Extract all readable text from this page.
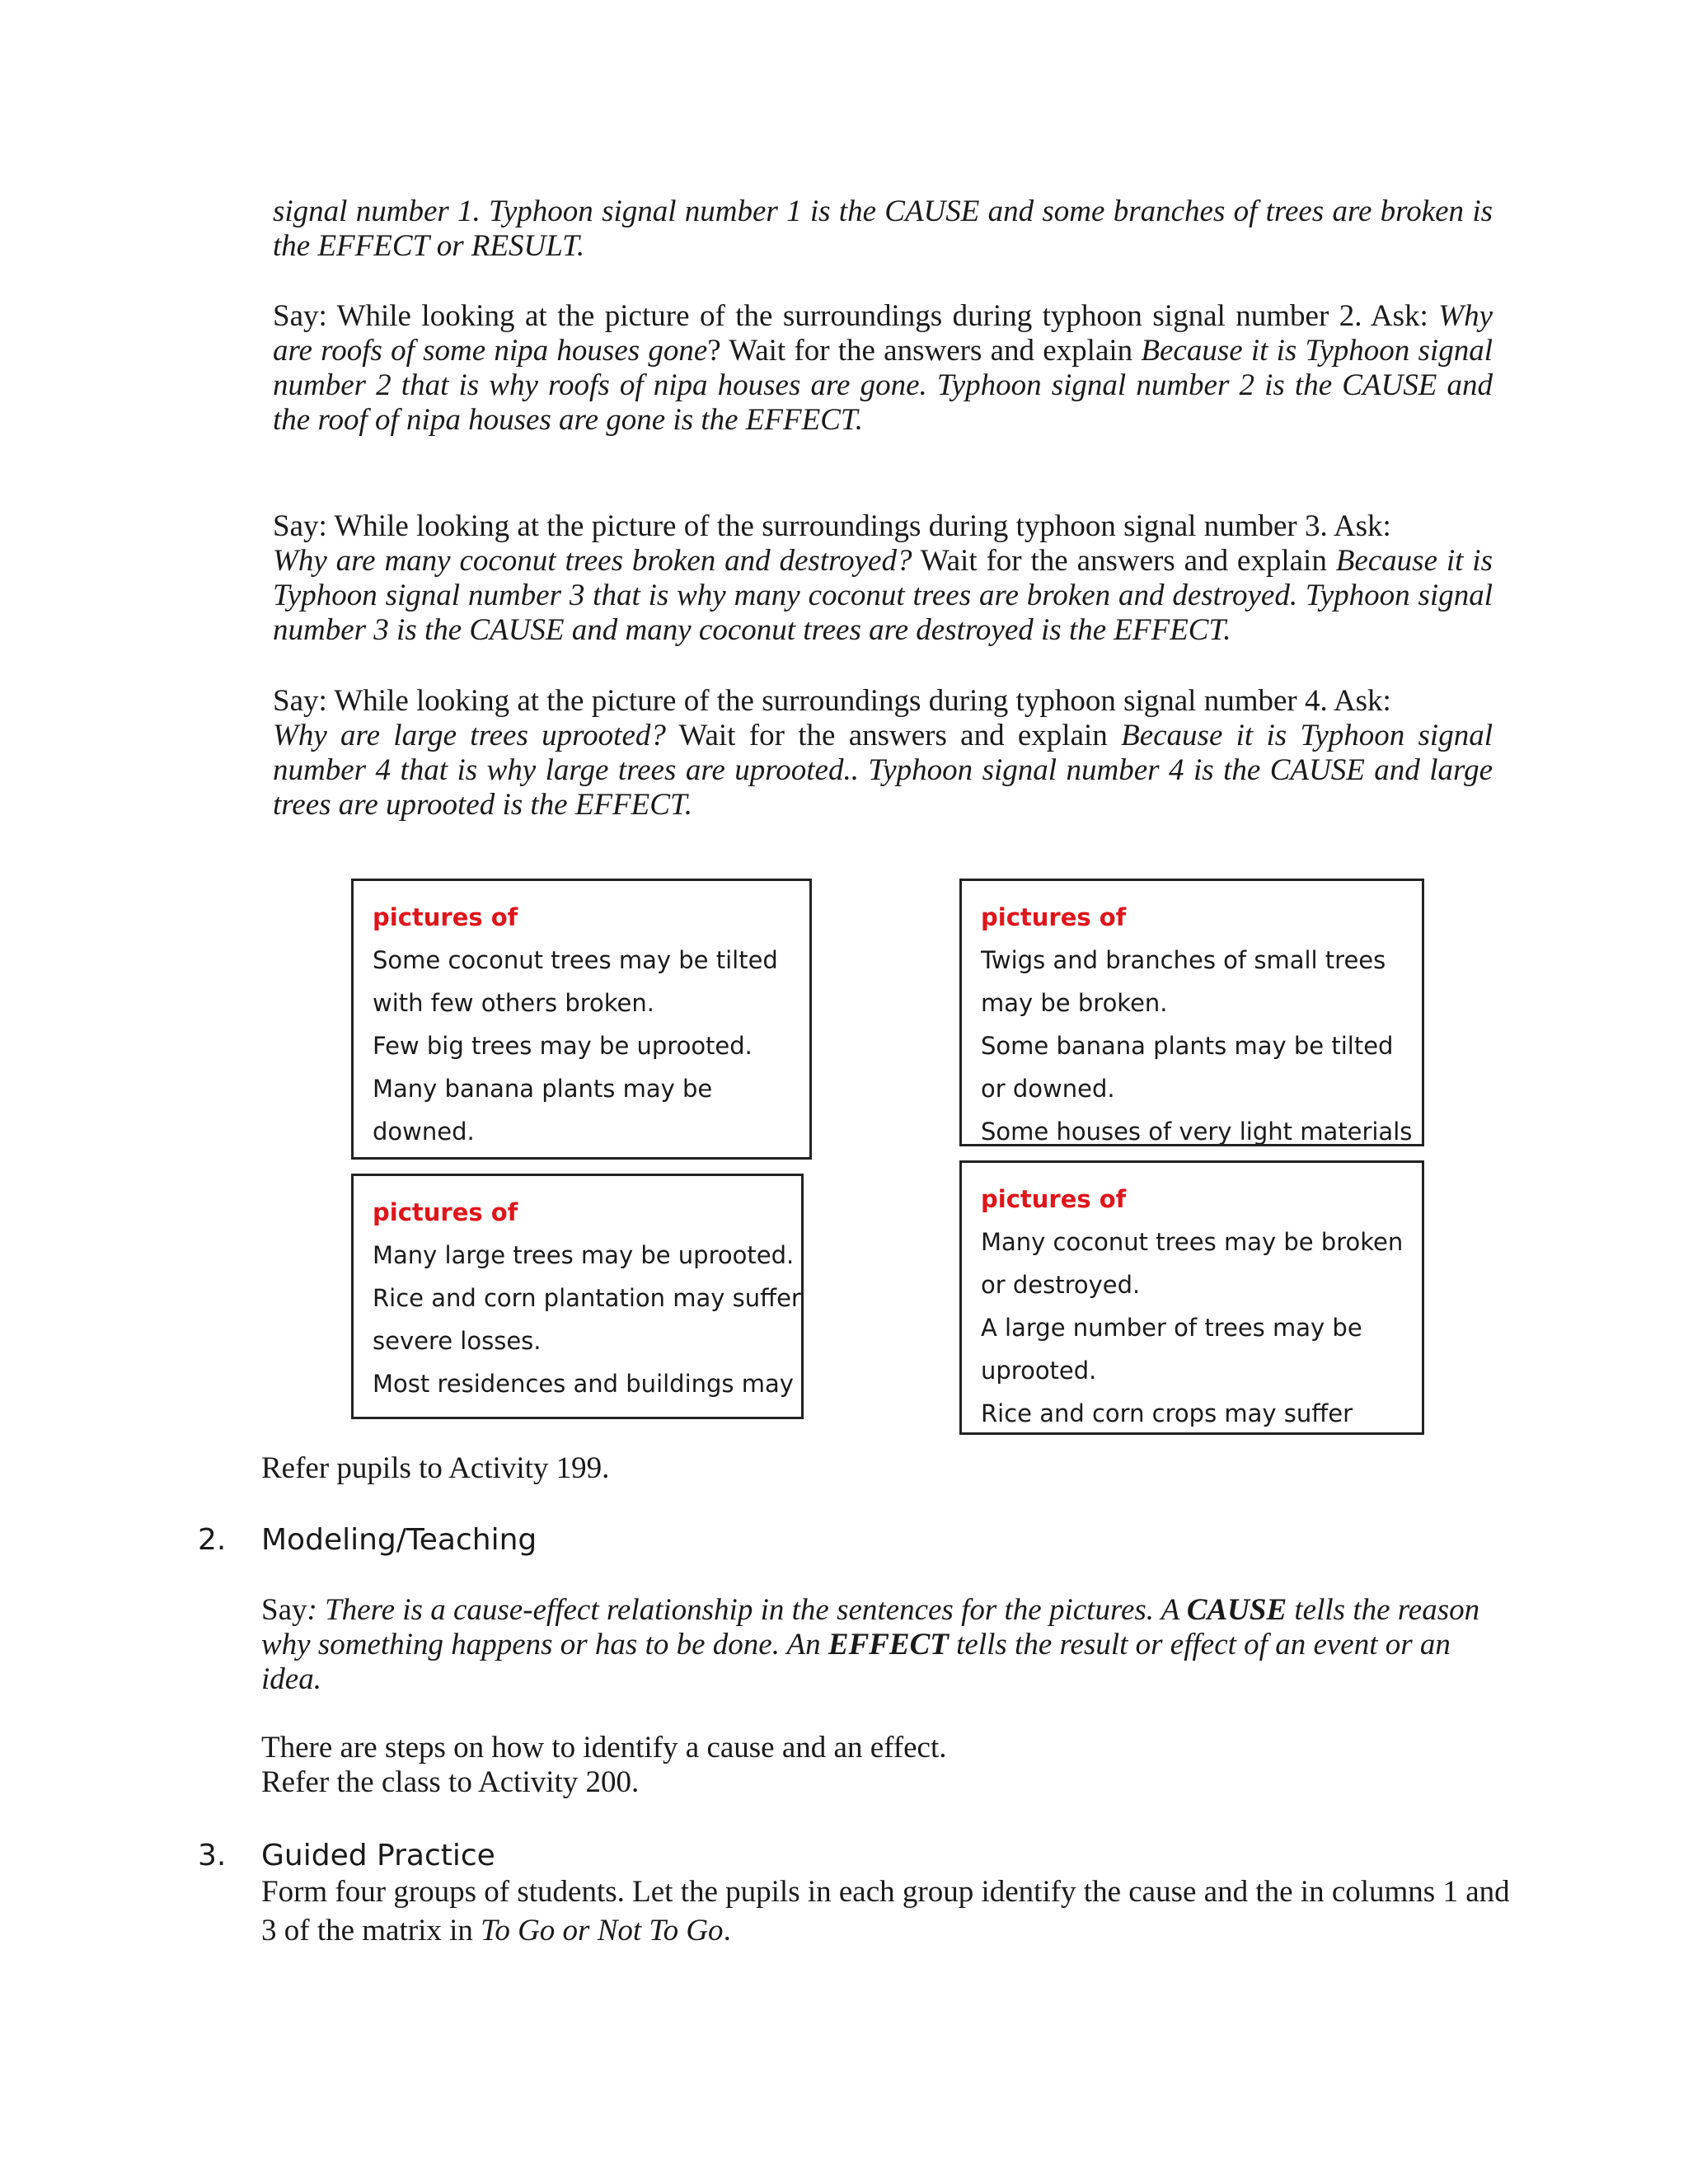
signal number 1. Typhoon signal number 1 is the CAUSE and some branches of trees are broken is the EFFECT or RESULT.

Say: While looking at the picture of the surroundings during typhoon signal number 2. Ask: Why are roofs of some nipa houses gone? Wait for the answers and explain Because it is Typhoon signal number 2 that is why roofs of nipa houses are gone. Typhoon signal number 2 is the CAUSE and the roof of nipa houses are gone is the EFFECT.

Say: While looking at the picture of the surroundings during typhoon signal number 3. Ask:

Why are many coconut trees broken and destroyed? Wait for the answers and explain Because it is Typhoon signal number 3 that is why many coconut trees are broken and destroyed. Typhoon signal number 3 is the CAUSE and many coconut trees are destroyed is the EFFECT.

Say: While looking at the picture of the surroundings during typhoon signal number 4. Ask:

Why are large trees uprooted? Wait for the answers and explain Because it is Typhoon signal number 4 that is why large trees are uprooted.. Typhoon signal number 4 is the CAUSE and large trees are uprooted is the EFFECT.

pictures of
Some coconut trees may be tilted
with few others broken.
Few big trees may be uprooted.
Many banana plants may be
downed.
pictures of
Twigs and branches of small trees
may be broken.
Some banana plants may be tilted
or downed.
Some houses of very light materials
pictures of
Many large trees may be uprooted.
Rice and corn plantation may suffer
severe losses.
Most residences and buildings may
pictures of
Many coconut trees may be broken
or destroyed.
A large number of trees may be
uprooted.
Rice and corn crops may suffer

Refer pupils to Activity 199.

2. Modeling/Teaching

Say: There is a cause-effect relationship in the sentences for the pictures. A CAUSE tells the reason why something happens or has to be done. An EFFECT tells the result or effect of an event or an idea.

There are steps on how to identify a cause and an effect.

Refer the class to Activity 200.

3. Guided Practice

Form four groups of students. Let the pupils in each group identify the cause and the in columns 1 and 3 of the matrix in To Go or Not To Go.
